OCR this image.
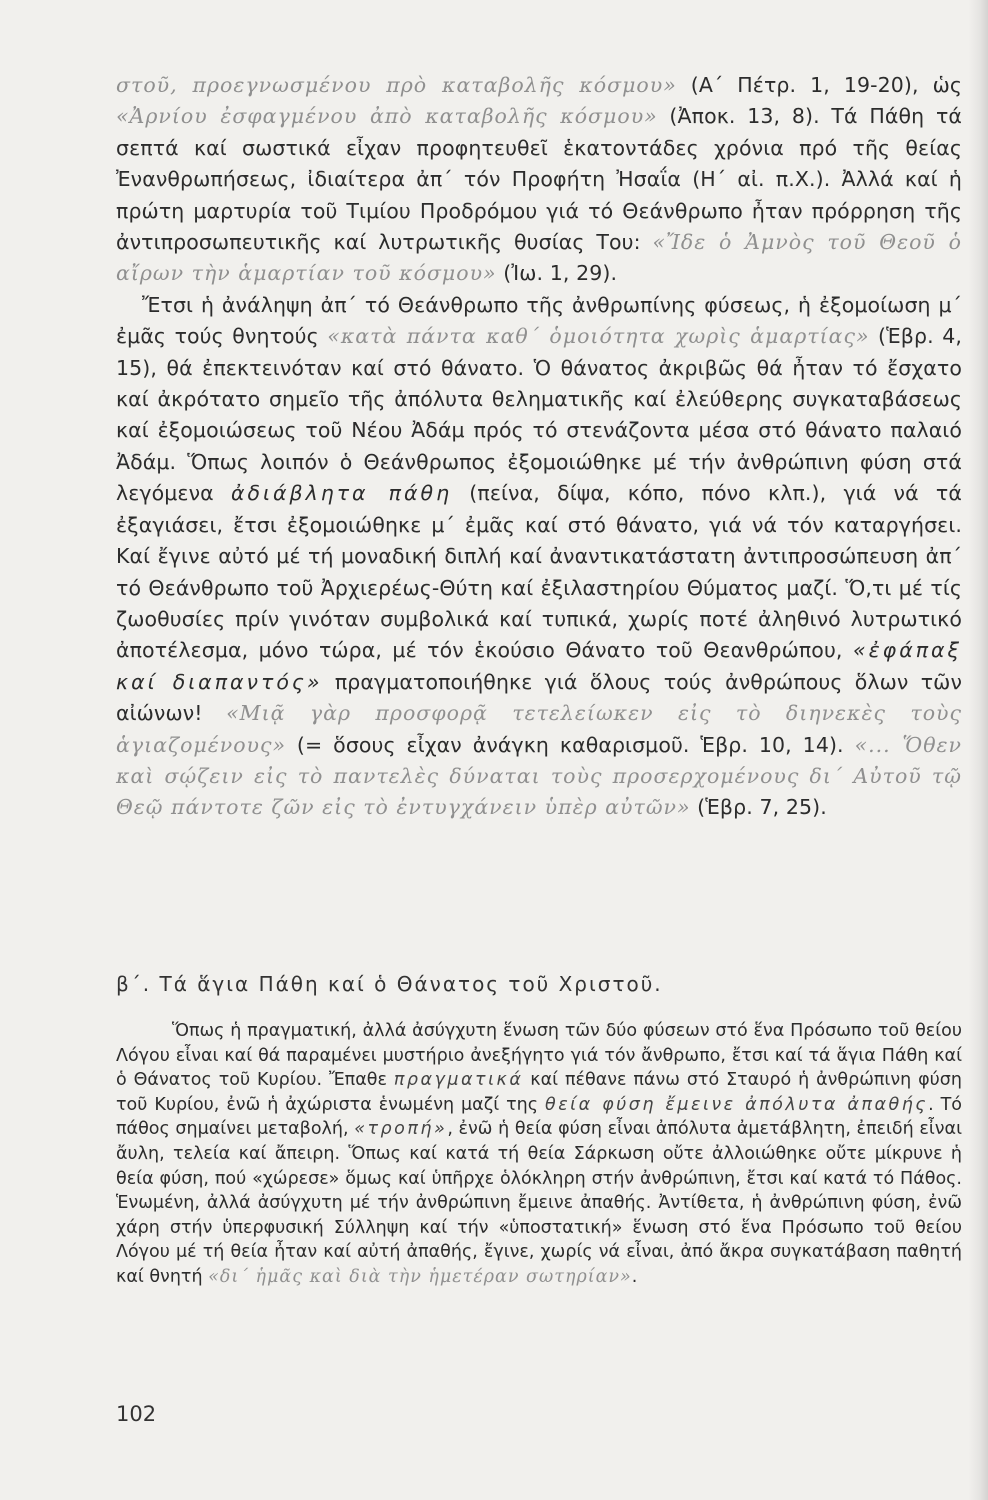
στοῦ, προεγνωσμένου πρὸ καταβολῆς κόσμου» (Α΄ Πέτρ. 1, 19-20), ὡς «Ἀρνίου ἐσφαγμένου ἀπὸ καταβολῆς κόσμου» (Ἀποκ. 13, 8). Τά Πάθη τά σεπτά καί σωστικά εἶχαν προφητευθεῖ ἑκατοντάδες χρόνια πρό τῆς θείας Ἐνανθρωπήσεως, ἰδιαίτερα ἀπ΄ τόν Προφήτη Ἠσαΐα (Η΄ αἰ. π.Χ.). Ἀλλά καί ἡ πρώτη μαρτυρία τοῦ Τιμίου Προδρόμου γιά τό Θεάνθρωπο ἦταν πρόρρηση τῆς ἀντιπροσωπευτικῆς καί λυτρωτικῆς θυσίας Του: «Ἴδε ὁ Ἀμνὸς τοῦ Θεοῦ ὁ αἴρων τὴν ἁμαρτίαν τοῦ κόσμου» (Ἰω. 1, 29).

Ἔτσι ἡ ἀνάληψη ἀπ΄ τό Θεάνθρωπο τῆς ἀνθρωπίνης φύσεως, ἡ ἐξομοίωση μ΄ ἐμᾶς τούς θνητούς «κατὰ πάντα καθ΄ ὁμοιότητα χωρὶς ἁμαρτίας» (Ἑβρ. 4, 15), θά ἐπεκτεινόταν καί στό θάνατο. Ὁ θάνατος ἀκριβῶς θά ἦταν τό ἔσχατο καί ἀκρότατο σημεῖο τῆς ἀπόλυτα θεληματικῆς καί ἐλεύθερης συγκαταβάσεως καί ἐξομοιώσεως τοῦ Νέου Ἀδάμ πρός τό στενάζοντα μέσα στό θάνατο παλαιό Ἀδάμ. Ὅπως λοιπόν ὁ Θεάνθρωπος ἐξομοιώθηκε μέ τήν ἀνθρώπινη φύση στά λεγόμενα ἀδιάβλητα πάθη (πείνα, δίψα, κόπο, πόνο κλπ.), γιά νά τά ἐξαγιάσει, ἔτσι ἐξομοιώθηκε μ΄ ἐμᾶς καί στό θάνατο, γιά νά τόν καταργήσει. Καί ἔγινε αὐτό μέ τή μοναδική διπλή καί ἀναντικατάστατη ἀντιπροσώπευση ἀπ΄ τό Θεάνθρωπο τοῦ Ἀρχιερέως-Θύτη καί ἐξιλαστηρίου Θύματος μαζί. Ὅ,τι μέ τίς ζωοθυσίες πρίν γινόταν συμβολικά καί τυπικά, χωρίς ποτέ ἀληθινό λυτρωτικό ἀποτέλεσμα, μόνο τώρα, μέ τόν ἑκούσιο Θάνατο τοῦ Θεανθρώπου, «ἐφάπαξ καί διαπαντός» πραγματοποιήθηκε γιά ὅλους τούς ἀνθρώπους ὅλων τῶν αἰώνων! «Μιᾷ γὰρ προσφορᾷ τετελείωκεν εἰς τὸ διηνεκὲς τοὺς ἁγιαζομένους» (= ὅσους εἶχαν ἀνάγκη καθαρισμοῦ. Ἑβρ. 10, 14). «... Ὅθεν καὶ σῴζειν εἰς τὸ παντελὲς δύναται τοὺς προσερχομένους δι΄ Αὐτοῦ τῷ Θεῷ πάντοτε ζῶν εἰς τὸ ἐντυγχάνειν ὑπὲρ αὐτῶν» (Ἑβρ. 7, 25).

β΄. Τά ἅγια Πάθη καί ὁ Θάνατος τοῦ Χριστοῦ.

Ὅπως ἡ πραγματική, ἀλλά ἀσύγχυτη ἕνωση τῶν δύο φύσεων στό ἕνα Πρόσωπο τοῦ θείου Λόγου εἶναι καί θά παραμένει μυστήριο ἀνεξήγητο γιά τόν ἄνθρωπο, ἔτσι καί τά ἅγια Πάθη καί ὁ Θάνατος τοῦ Κυρίου. Ἔπαθε πραγματικά καί πέθανε πάνω στό Σταυρό ἡ ἀνθρώπινη φύση τοῦ Κυρίου, ἐνῶ ἡ ἀχώριστα ἑνωμένη μαζί της θεία φύση ἔμεινε ἀπόλυτα ἀπαθής. Τό πάθος σημαίνει μεταβολή, «τροπή», ἐνῶ ἡ θεία φύση εἶναι ἀπόλυτα ἀμετάβλητη, ἐπειδή εἶναι ἄυλη, τελεία καί ἄπειρη. Ὅπως καί κατά τή θεία Σάρκωση οὔτε ἀλλοιώθηκε οὔτε μίκρυνε ἡ θεία φύση, πού «χώρεσε» ὅμως καί ὑπῆρχε ὁλόκληρη στήν ἀνθρώπινη, ἔτσι καί κατά τό Πάθος. Ἑνωμένη, ἀλλά ἀσύγχυτη μέ τήν ἀνθρώπινη ἔμεινε ἀπαθής. Ἀντίθετα, ἡ ἀνθρώπινη φύση, ἐνῶ χάρη στήν ὑπερφυσική Σύλληψη καί τήν «ὑποστατική» ἕνωση στό ἕνα Πρόσωπο τοῦ θείου Λόγου μέ τή θεία ἦταν καί αὐτή ἀπαθής, ἔγινε, χωρίς νά εἶναι, ἀπό ἄκρα συγκατάβαση παθητή καί θνητή «δι΄ ἡμᾶς καὶ διὰ τὴν ἡμετέραν σωτηρίαν».

102
